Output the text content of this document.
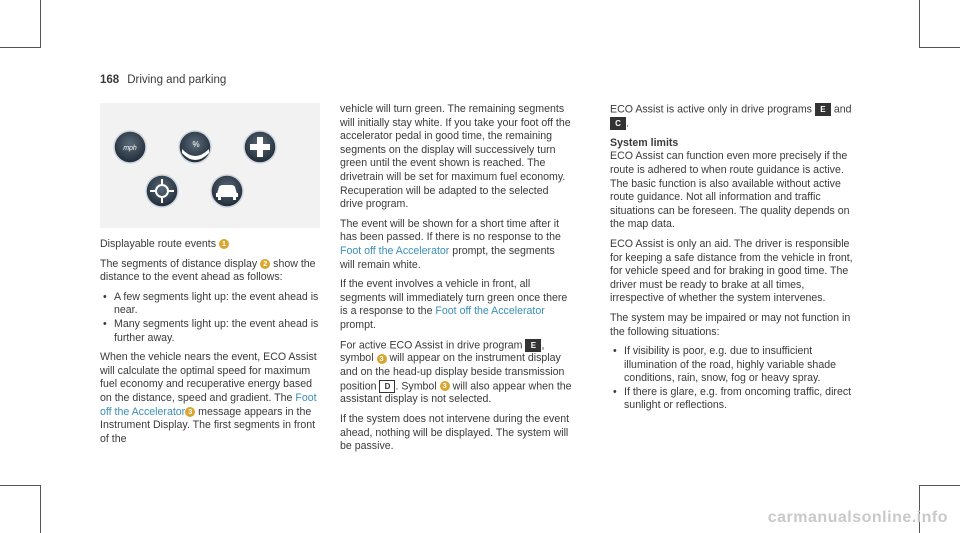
168 Driving and parking
mph	%

Displayable route events 1

The segments of distance display 2 show the distance to the event ahead as follows:

• A few segments light up: the event ahead is near.
• Many segments light up: the event ahead is further away.

When the vehicle nears the event, ECO Assist will calculate the optimal speed for maximum fuel economy and recuperative energy based on the distance, speed and gradient. The Foot off the Accelerator 3 message appears in the Instrument Display. The first segments in front of the

vehicle will turn green. The remaining segments will initially stay white. If you take your foot off the accelerator pedal in good time, the remaining segments on the display will successively turn green until the event shown is reached. The drivetrain will be set for maximum fuel economy. Recuperation will be adapted to the selected drive program.

The event will be shown for a short time after it has been passed. If there is no response to the Foot off the Accelerator prompt, the segments will remain white.

If the event involves a vehicle in front, all segments will immediately turn green once there is a response to the Foot off the Accelerator prompt.

For active ECO Assist in drive program E , symbol 3 will appear on the instrument display and on the head-up display beside transmission position D . Symbol 3 will also appear when the assistant display is not selected.

If the system does not intervene during the event ahead, nothing will be displayed. The system will be passive.

ECO Assist is active only in drive programs E and C .

System limits

ECO Assist can function even more precisely if the route is adhered to when route guidance is active. The basic function is also available without active route guidance. Not all information and traffic situations can be foreseen. The quality depends on the map data.

ECO Assist is only an aid. The driver is responsible for keeping a safe distance from the vehicle in front, for vehicle speed and for braking in good time. The driver must be ready to brake at all times, irrespective of whether the system intervenes.

The system may be impaired or may not function in the following situations:

• If visibility is poor, e.g. due to insufficient illumination of the road, highly variable shade conditions, rain, snow, fog or heavy spray.
• If there is glare, e.g. from oncoming traffic, direct sunlight or reflections.
carmanualsonline.info
